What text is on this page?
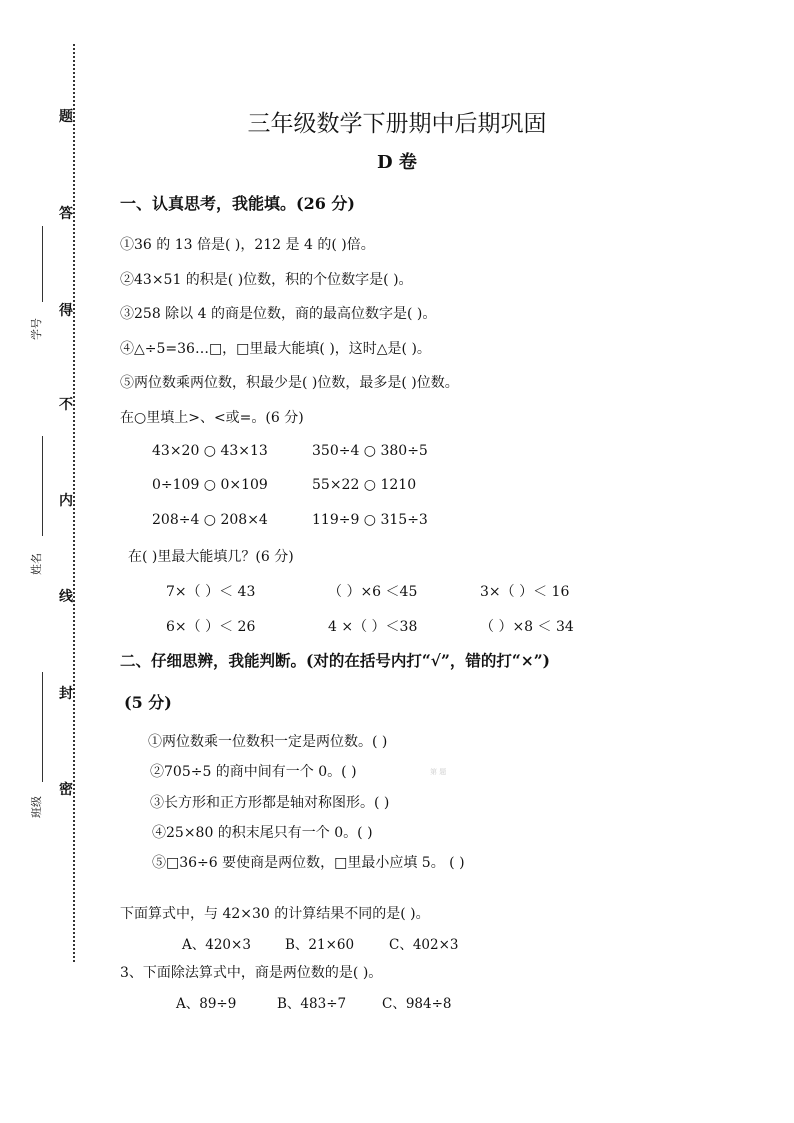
题
答
得
不
内
线
封
密
学号
姓名
班级
三年级数学下册期中后期巩固
D 卷
一、认真思考，我能填。(26 分)
①36 的 13 倍是( )，212 是 4 的( )倍。
②43×51 的积是( )位数，积的个位数字是( )。
③258 除以 4 的商是位数，商的最高位数字是( )。
④△÷5=36…□，□里最大能填( )，这时△是( )。
⑤两位数乘两位数，积最少是( )位数，最多是( )位数。
在○里填上>、<或=。(6 分)
43×20 ○ 43×13	350÷4 ○ 380÷5
0÷109 ○ 0×109	55×22 ○ 1210
208÷4 ○ 208×4	119÷9 ○ 315÷3
在( )里最大能填几？(6 分)
7×（ ）＜ 43	（ ）×6 ＜45	3×（ ）＜ 16
6×（ ）＜ 26	4 ×（ ）＜38	（ ）×8 ＜ 34
二、仔细思辨，我能判断。(对的在括号内打“√”，错的打“×”)
(5 分)
①两位数乘一位数积一定是两位数。( )
②705÷5 的商中间有一个 0。( )	第 题
③长方形和正方形都是轴对称图形。( )
④25×80 的积末尾只有一个 0。( )
⑤□36÷6 要使商是两位数，□里最小应填 5。 ( )
下面算式中，与 42×30 的计算结果不同的是( )。
A、420×3	B、21×60	C、402×3
3、下面除法算式中，商是两位数的是( )。
A、89÷9	B、483÷7	C、984÷8
